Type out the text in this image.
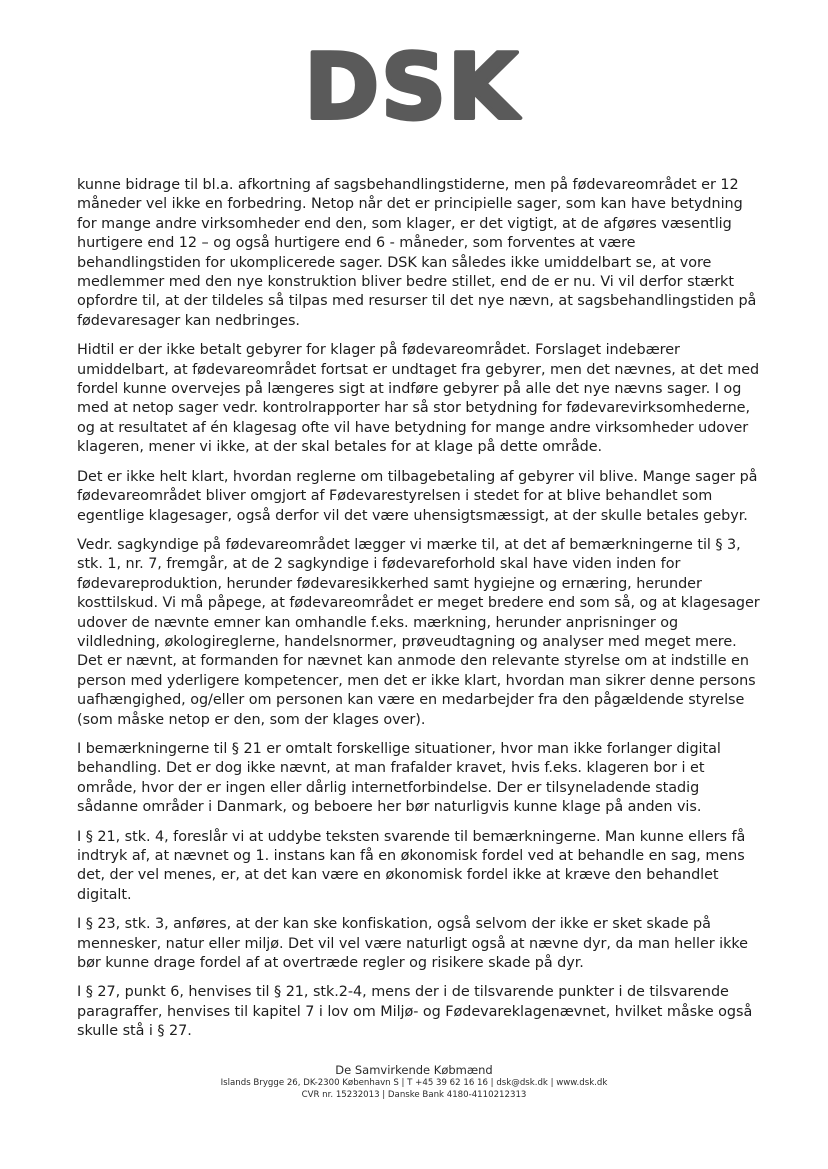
DSK

kunne bidrage til bl.a. afkortning af sagsbehandlingstiderne, men på fødevareområdet er 12 måneder vel ikke en forbedring. Netop når det er principielle sager, som kan have betydning for mange andre virksomheder end den, som klager, er det vigtigt, at de afgøres væsentlig hurtigere end 12 – og også hurtigere end 6 - måneder, som forventes at være behandlingstiden for ukomplicerede sager. DSK kan således ikke umiddelbart se, at vore medlemmer med den nye konstruktion bliver bedre stillet, end de er nu. Vi vil derfor stærkt opfordre til, at der tildeles så tilpas med resurser til det nye nævn, at sagsbehandlingstiden på fødevaresager kan nedbringes.

Hidtil er der ikke betalt gebyrer for klager på fødevareområdet. Forslaget indebærer umiddelbart, at fødevareområdet fortsat er undtaget fra gebyrer, men det nævnes, at det med fordel kunne overvejes på længeres sigt at indføre gebyrer på alle det nye nævns sager. I og med at netop sager vedr. kontrolrapporter har så stor betydning for fødevarevirksomhederne, og at resultatet af én klagesag ofte vil have betydning for mange andre virksomheder udover klageren, mener vi ikke, at der skal betales for at klage på dette område.

Det er ikke helt klart, hvordan reglerne om tilbagebetaling af gebyrer vil blive. Mange sager på fødevareområdet bliver omgjort af Fødevarestyrelsen i stedet for at blive behandlet som egentlige klagesager, også derfor vil det være uhensigtsmæssigt, at der skulle betales gebyr.

Vedr. sagkyndige på fødevareområdet lægger vi mærke til, at det af bemærkningerne til § 3, stk. 1, nr. 7, fremgår, at de 2 sagkyndige i fødevareforhold skal have viden inden for fødevareproduktion, herunder fødevaresikkerhed samt hygiejne og ernæring, herunder kosttilskud. Vi må påpege, at fødevareområdet er meget bredere end som så, og at klagesager udover de nævnte emner kan omhandle f.eks. mærkning, herunder anprisninger og vildledning, økologireglerne, handelsnormer, prøveudtagning og analyser med meget mere. Det er nævnt, at formanden for nævnet kan anmode den relevante styrelse om at indstille en person med yderligere kompetencer, men det er ikke klart, hvordan man sikrer denne persons uafhængighed, og/eller om personen kan være en medarbejder fra den pågældende styrelse (som måske netop er den, som der klages over).

I bemærkningerne til § 21 er omtalt forskellige situationer, hvor man ikke forlanger digital behandling. Det er dog ikke nævnt, at man frafalder kravet, hvis f.eks. klageren bor i et område, hvor der er ingen eller dårlig internetforbindelse. Der er tilsyneladende stadig sådanne områder i Danmark, og beboere her bør naturligvis kunne klage på anden vis.

I § 21, stk. 4, foreslår vi at uddybe teksten svarende til bemærkningerne. Man kunne ellers få indtryk af, at nævnet og 1. instans kan få en økonomisk fordel ved at behandle en sag, mens det, der vel menes, er, at det kan være en økonomisk fordel ikke at kræve den behandlet digitalt.

I § 23, stk. 3, anføres, at der kan ske konfiskation, også selvom der ikke er sket skade på mennesker, natur eller miljø. Det vil vel være naturligt også at nævne dyr, da man heller ikke bør kunne drage fordel af at overtræde regler og risikere skade på dyr.

I § 27, punkt 6, henvises til § 21, stk.2-4, mens der i de tilsvarende punkter i de tilsvarende paragraffer, henvises til kapitel 7 i lov om Miljø- og Fødevareklagenævnet, hvilket måske også skulle stå i § 27.

De Samvirkende Købmænd
Islands Brygge 26, DK-2300 København S | T +45 39 62 16 16 | dsk@dsk.dk | www.dsk.dk
CVR nr. 15232013 | Danske Bank 4180-4110212313
